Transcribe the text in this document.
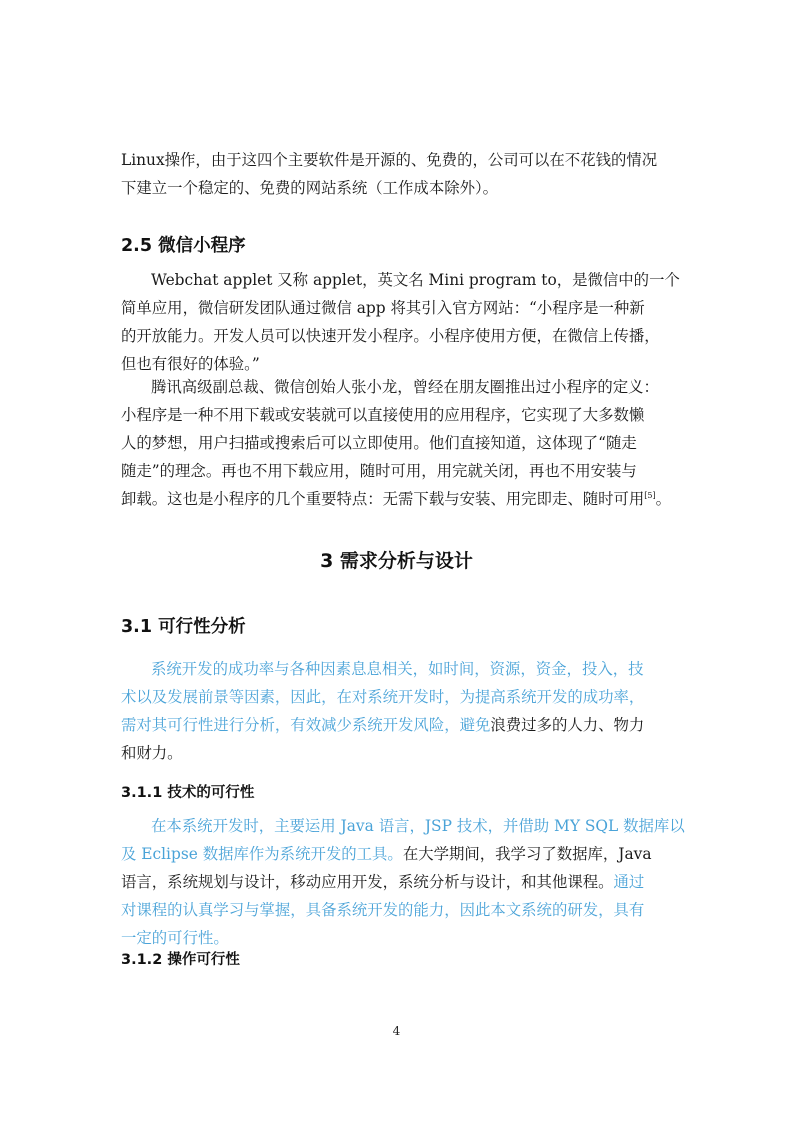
Linux操作，由于这四个主要软件是开源的、免费的，公司可以在不花钱的情况
下建立一个稳定的、免费的网站系统（工作成本除外）。
2.5 微信小程序
Webchat applet 又称 applet，英文名 Mini program to，是微信中的一个
简单应用，微信研发团队通过微信 app 将其引入官方网站：“小程序是一种新
的开放能力。开发人员可以快速开发小程序。小程序使用方便，在微信上传播，
但也有很好的体验。”
腾讯高级副总裁、微信创始人张小龙，曾经在朋友圈推出过小程序的定义：
小程序是一种不用下载或安装就可以直接使用的应用程序，它实现了大多数懒
人的梦想，用户扫描或搜索后可以立即使用。他们直接知道，这体现了“随走
随走”的理念。再也不用下载应用，随时可用，用完就关闭，再也不用安装与
卸载。这也是小程序的几个重要特点：无需下载与安装、用完即走、随时可用[5]。
3 需求分析与设计
3.1 可行性分析
系统开发的成功率与各种因素息息相关，如时间，资源，资金，投入，技
术以及发展前景等因素，因此，在对系统开发时，为提高系统开发的成功率，
需对其可行性进行分析，有效减少系统开发风险，避免浪费过多的人力、物力
和财力。
3.1.1 技术的可行性
在本系统开发时，主要运用 Java 语言，JSP 技术，并借助 MY SQL 数据库以
及 Eclipse 数据库作为系统开发的工具。在大学期间，我学习了数据库，Java
语言，系统规划与设计，移动应用开发，系统分析与设计，和其他课程。通过
对课程的认真学习与掌握，具备系统开发的能力，因此本文系统的研发，具有
一定的可行性。
3.1.2 操作可行性
4
